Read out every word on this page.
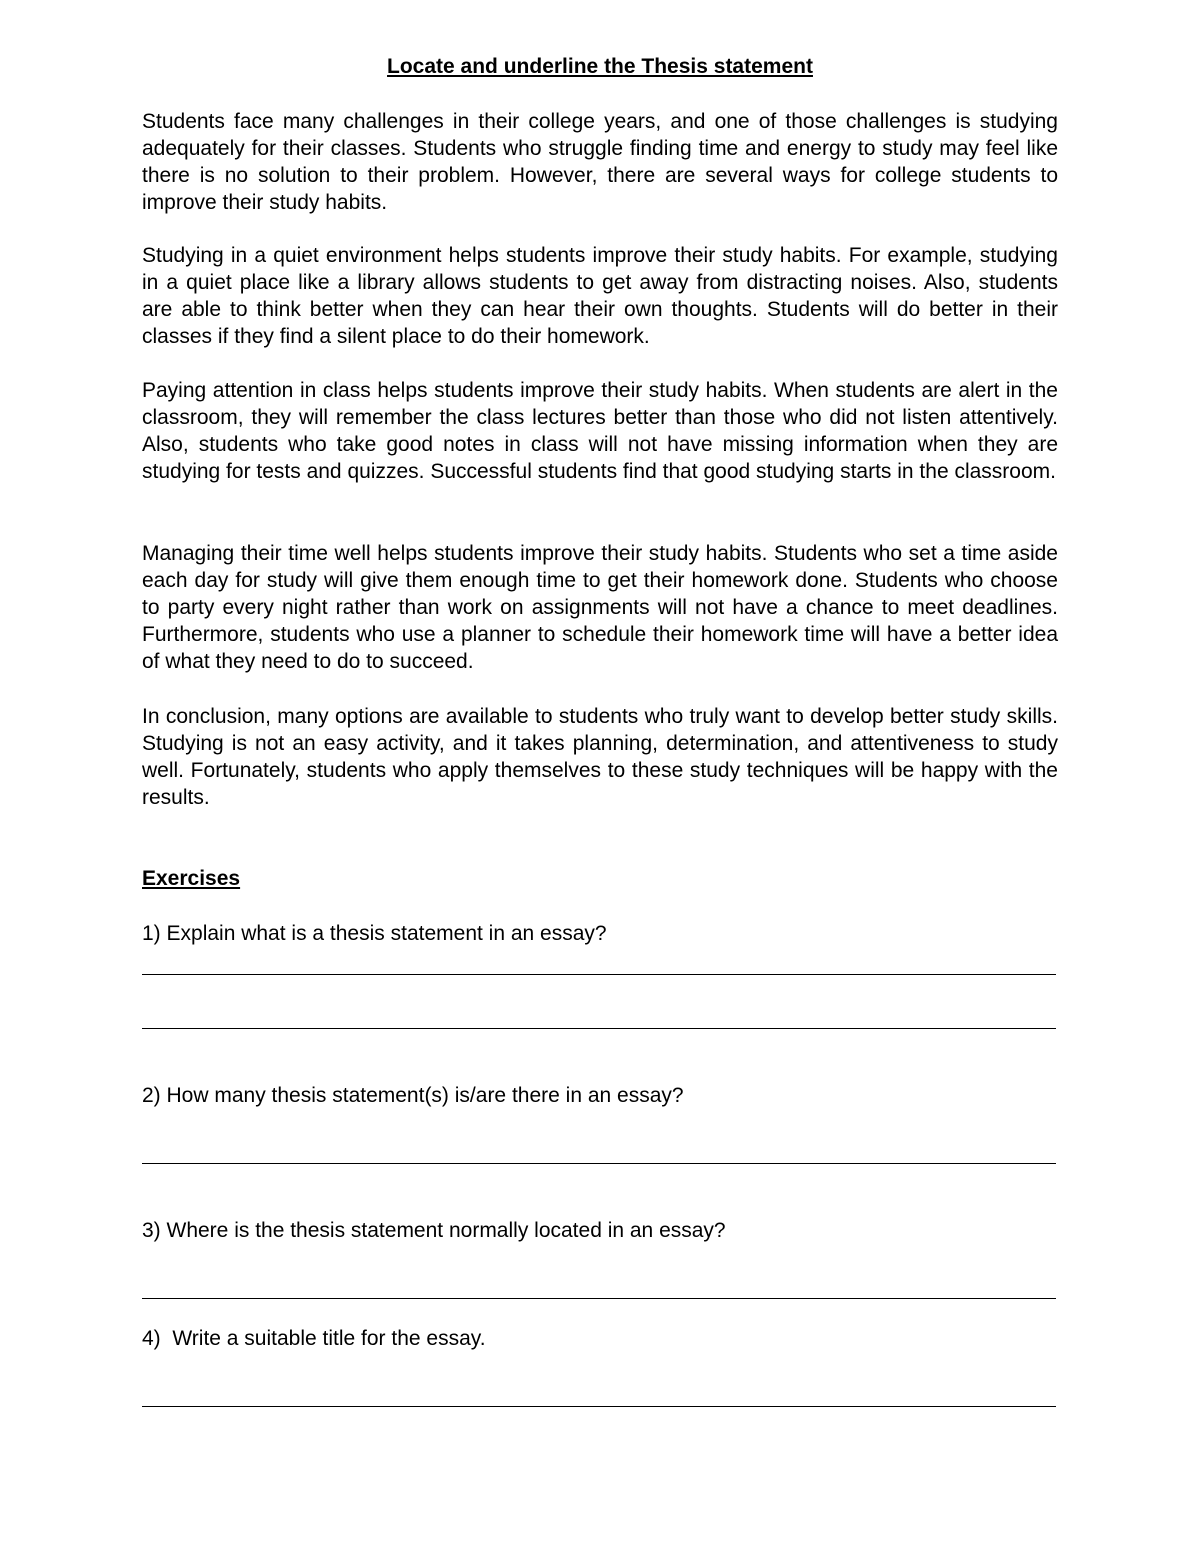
Locate and underline the Thesis statement

Students face many challenges in their college years, and one of those challenges is studying adequately for their classes. Students who struggle finding time and energy to study may feel like there is no solution to their problem. However, there are several ways for college students to improve their study habits.

Studying in a quiet environment helps students improve their study habits. For example, studying in a quiet place like a library allows students to get away from distracting noises. Also, students are able to think better when they can hear their own thoughts. Students will do better in their classes if they find a silent place to do their homework.

Paying attention in class helps students improve their study habits. When students are alert in the classroom, they will remember the class lectures better than those who did not listen attentively. Also, students who take good notes in class will not have missing information when they are studying for tests and quizzes. Successful students find that good studying starts in the classroom.

Managing their time well helps students improve their study habits. Students who set a time aside each day for study will give them enough time to get their homework done. Students who choose to party every night rather than work on assignments will not have a chance to meet deadlines. Furthermore, students who use a planner to schedule their homework time will have a better idea of what they need to do to succeed.

In conclusion, many options are available to students who truly want to develop better study skills. Studying is not an easy activity, and it takes planning, determination, and attentiveness to study well. Fortunately, students who apply themselves to these study techniques will be happy with the results.

Exercises
1) Explain what is a thesis statement in an essay?
2) How many thesis statement(s) is/are there in an essay?
3) Where is the thesis statement normally located in an essay?
4)  Write a suitable title for the essay.
